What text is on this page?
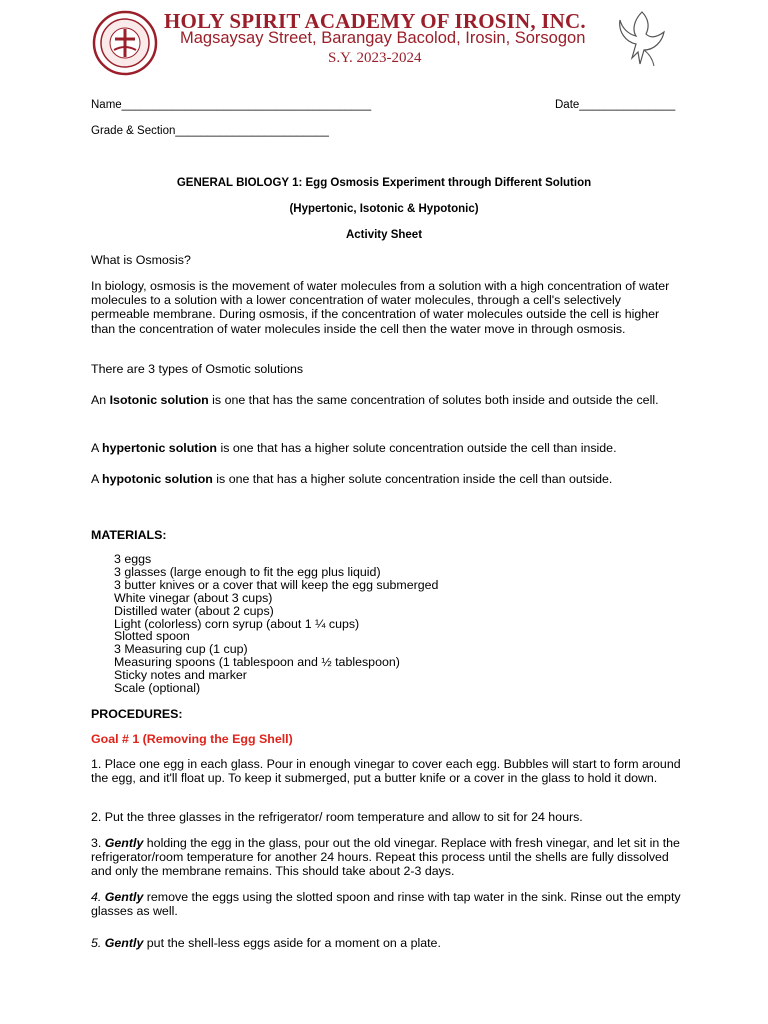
HOLY SPIRIT ACADEMY OF IROSIN, INC.
Magsaysay Street, Barangay Bacolod, Irosin, Sorsogon
S.Y. 2023-2024
Name_______________________________________	Date_______________
Grade & Section________________________
GENERAL BIOLOGY 1: Egg Osmosis Experiment through Different Solution
(Hypertonic, Isotonic & Hypotonic)
Activity Sheet
What is Osmosis?
In biology, osmosis is the movement of water molecules from a solution with a high concentration of water molecules to a solution with a lower concentration of water molecules, through a cell's selectively permeable membrane. During osmosis, if the concentration of water molecules outside the cell is higher than the concentration of water molecules inside the cell then the water move in through osmosis.
There are 3 types of Osmotic solutions
An Isotonic solution is one that has the same concentration of solutes both inside and outside the cell.
A hypertonic solution is one that has a higher solute concentration outside the cell than inside.
A hypotonic solution is one that has a higher solute concentration inside the cell than outside.
MATERIALS:
3 eggs
3 glasses (large enough to fit the egg plus liquid)
3 butter knives or a cover that will keep the egg submerged
White vinegar (about 3 cups)
Distilled water (about 2 cups)
Light (colorless) corn syrup (about 1 ¼ cups)
Slotted spoon
3 Measuring cup (1 cup)
Measuring spoons (1 tablespoon and ½ tablespoon)
Sticky notes and marker
Scale (optional)
PROCEDURES:
Goal # 1 (Removing the Egg Shell)
1. Place one egg in each glass. Pour in enough vinegar to cover each egg. Bubbles will start to form around the egg, and it'll float up. To keep it submerged, put a butter knife or a cover in the glass to hold it down.
2. Put the three glasses in the refrigerator/ room temperature and allow to sit for 24 hours.
3. Gently holding the egg in the glass, pour out the old vinegar. Replace with fresh vinegar, and let sit in the refrigerator/room temperature for another 24 hours. Repeat this process until the shells are fully dissolved and only the membrane remains. This should take about 2-3 days.
4. Gently remove the eggs using the slotted spoon and rinse with tap water in the sink. Rinse out the empty glasses as well.
5. Gently put the shell-less eggs aside for a moment on a plate.
